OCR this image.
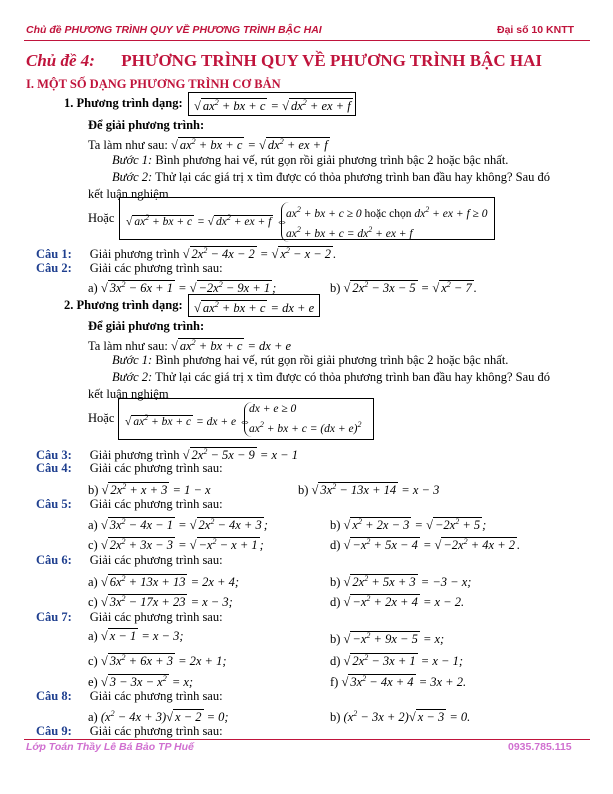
Chủ đề PHƯƠNG TRÌNH QUY VỀ PHƯƠNG TRÌNH BẬC HAI	Đại số 10 KNTT
Chủ đề 4: PHƯƠNG TRÌNH QUY VỀ PHƯƠNG TRÌNH BẬC HAI
I. MỘT SỐ DẠNG PHƯƠNG TRÌNH CƠ BẢN
1. Phương trình dạng: √ $ax^2$ + bx + c = √ $dx^2$ + ex + f
Để giải phương trình:
Ta làm như sau: √ $ax^2$ + bx + c = √ $dx^2$ + ex + f
Bước 1: Bình phương hai vế, rút gọn rồi giải phương trình bậc 2 hoặc bậc nhất.
Bước 2: Thử lại các giá trị x tìm được có thỏa phương trình ban đầu hay không? Sau đó
kết luận nghiệm
Hoặc √ $ax^2$ + bx + c = √ $dx^2$ + ex + f ⇔
$ax^2$ + bx + c ≥ 0 hoặc chọn $dx^2$ + ex + f ≥ 0
$ax^2$ + bx + $c = dx^2$ + ex + f
Câu 1: Giải phương trình √ $2x^2 - 4x - 2$ = √ $x^2 - x - 2$ .
Câu 2: Giải các phương trình sau:
a) √ $3x^2 - 6x + 1$ = √ $-2x^2 - 9x + 1$ ;	b) √ $2x^2 - 3x - 5$ = √ $x^2 - 7$ .
2. Phương trình dạng: √ $ax^2$ + bx + c = dx + e
Để giải phương trình:
Ta làm như sau: √ $ax^2$ + bx + c = dx + e
Bước 1: Bình phương hai vế, rút gọn rồi giải phương trình bậc 2 hoặc bậc nhất.
Bước 2: Thử lại các giá trị x tìm được có thỏa phương trình ban đầu hay không? Sau đó
kết luận nghiệm
Hoặc √ $ax^2$ + bx + c = dx + e ⇔
dx + e ≥ 0
$ax^2$ + bx + c = (dx + e)$^2$
Câu 3: Giải phương trình √ $2x^2 - 5x - 9 = x - 1$
Câu 4: Giải các phương trình sau:
b) √ $2x^2 + x + 3 = 1 - x$	b) √ $3x^2 - 13x + 14 = x - 3$
Câu 5: Giải các phương trình sau:
a) √ $3x^2 - 4x - 1$ = √ $2x^2 - 4x + 3$ ;	b) √ $x^2 + 2x - 3$ = √ $-2x^2 + 5$ ;
c) √ $2x^2 + 3x - 3$ = √ $-x^2 - x + 1$ ;	d) √ $-x^2 + 5x - 4$ = √ $-2x^2 + 4x + 2$ .
Câu 6: Giải các phương trình sau:
a) √ $6x^2 + 13x + 13 = 2x + 4$;	b) √ $2x^2 + 5x + 3 = -3 - x$;
c) √ $3x^2 - 17x + 23 = x - 3$;	d) √ $-x^2 + 2x + 4 = x - 2$.
Câu 7: Giải các phương trình sau:
a) √ x − 1 = x − 3;	b) √ $-x^2 + 9x - 5 = x$;
c) √ $3x^2 + 6x + 3 = 2x + 1$;	d) √ $2x^2 - 3x + 1 = x - 1$;
e) √ $3 - 3x - x^2 = x$;	f) √ $3x^2 - 4x + 4 = 3x + 2$.
Câu 8: Giải các phương trình sau:
a) $(x^2 - 4x + 3)√$ x − 2 = 0;	b) $(x^2 - 3x + 2)√$ x − 3 = 0.
Câu 9: Giải các phương trình sau:
Lớp Toán Thầy Lê Bá Bảo TP Huế	0935.785.115
